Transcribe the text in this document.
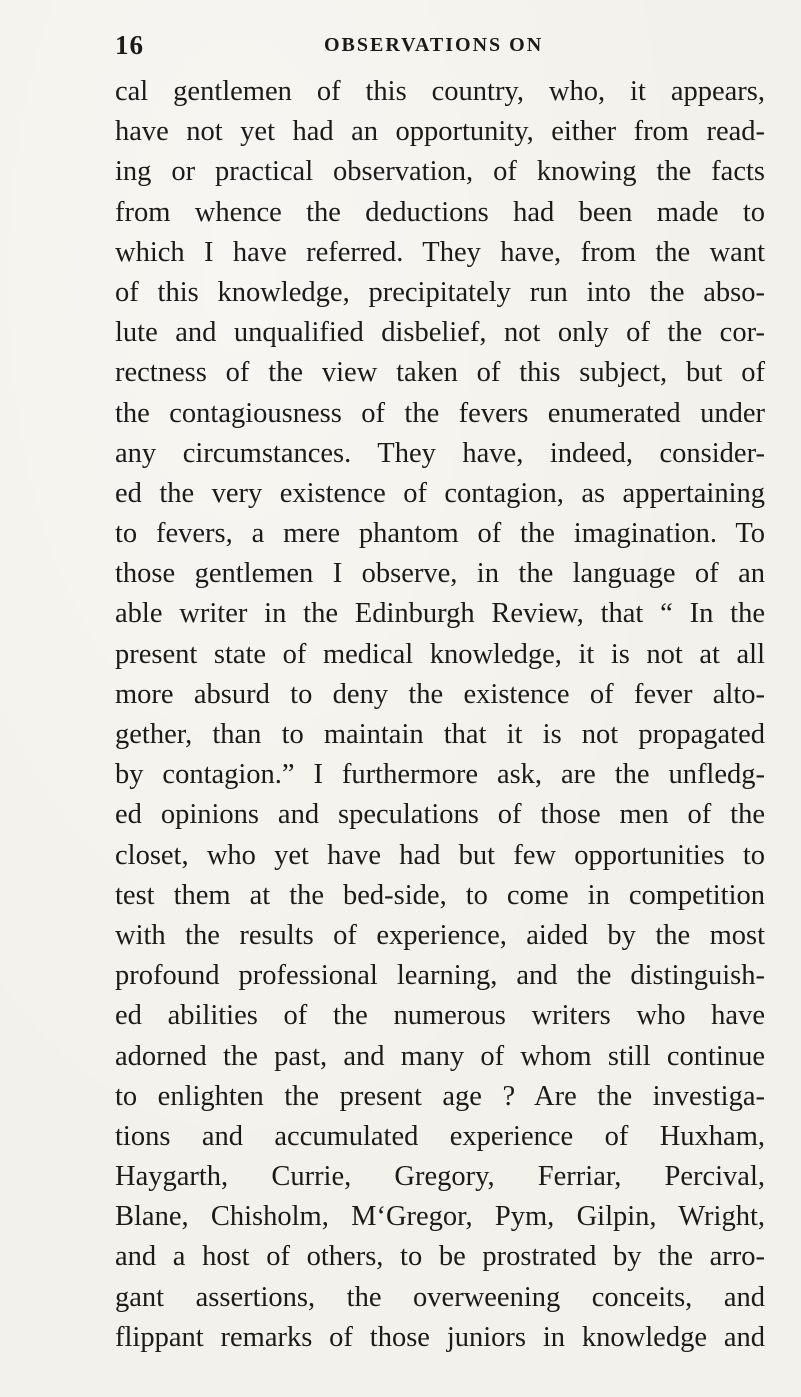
16	OBSERVATIONS ON
cal gentlemen of this country, who, it appears,
have not yet had an opportunity, either from read-
ing or practical observation, of knowing the facts
from whence the deductions had been made to
which I have referred. They have, from the want
of this knowledge, precipitately run into the abso-
lute and unqualified disbelief, not only of the cor-
rectness of the view taken of this subject, but of
the contagiousness of the fevers enumerated under
any circumstances. They have, indeed, consider-
ed the very existence of contagion, as appertaining
to fevers, a mere phantom of the imagination. To
those gentlemen I observe, in the language of an
able writer in the Edinburgh Review, that “ In the
present state of medical knowledge, it is not at all
more absurd to deny the existence of fever alto-
gether, than to maintain that it is not propagated
by contagion.” I furthermore ask, are the unfledg-
ed opinions and speculations of those men of the
closet, who yet have had but few opportunities to
test them at the bed-side, to come in competition
with the results of experience, aided by the most
profound professional learning, and the distinguish-
ed abilities of the numerous writers who have
adorned the past, and many of whom still continue
to enlighten the present age ? Are the investiga-
tions and accumulated experience of Huxham,
Haygarth, Currie, Gregory, Ferriar, Percival,
Blane, Chisholm, M‘Gregor, Pym, Gilpin, Wright,
and a host of others, to be prostrated by the arro-
gant assertions, the overweening conceits, and
flippant remarks of those juniors in knowledge and
